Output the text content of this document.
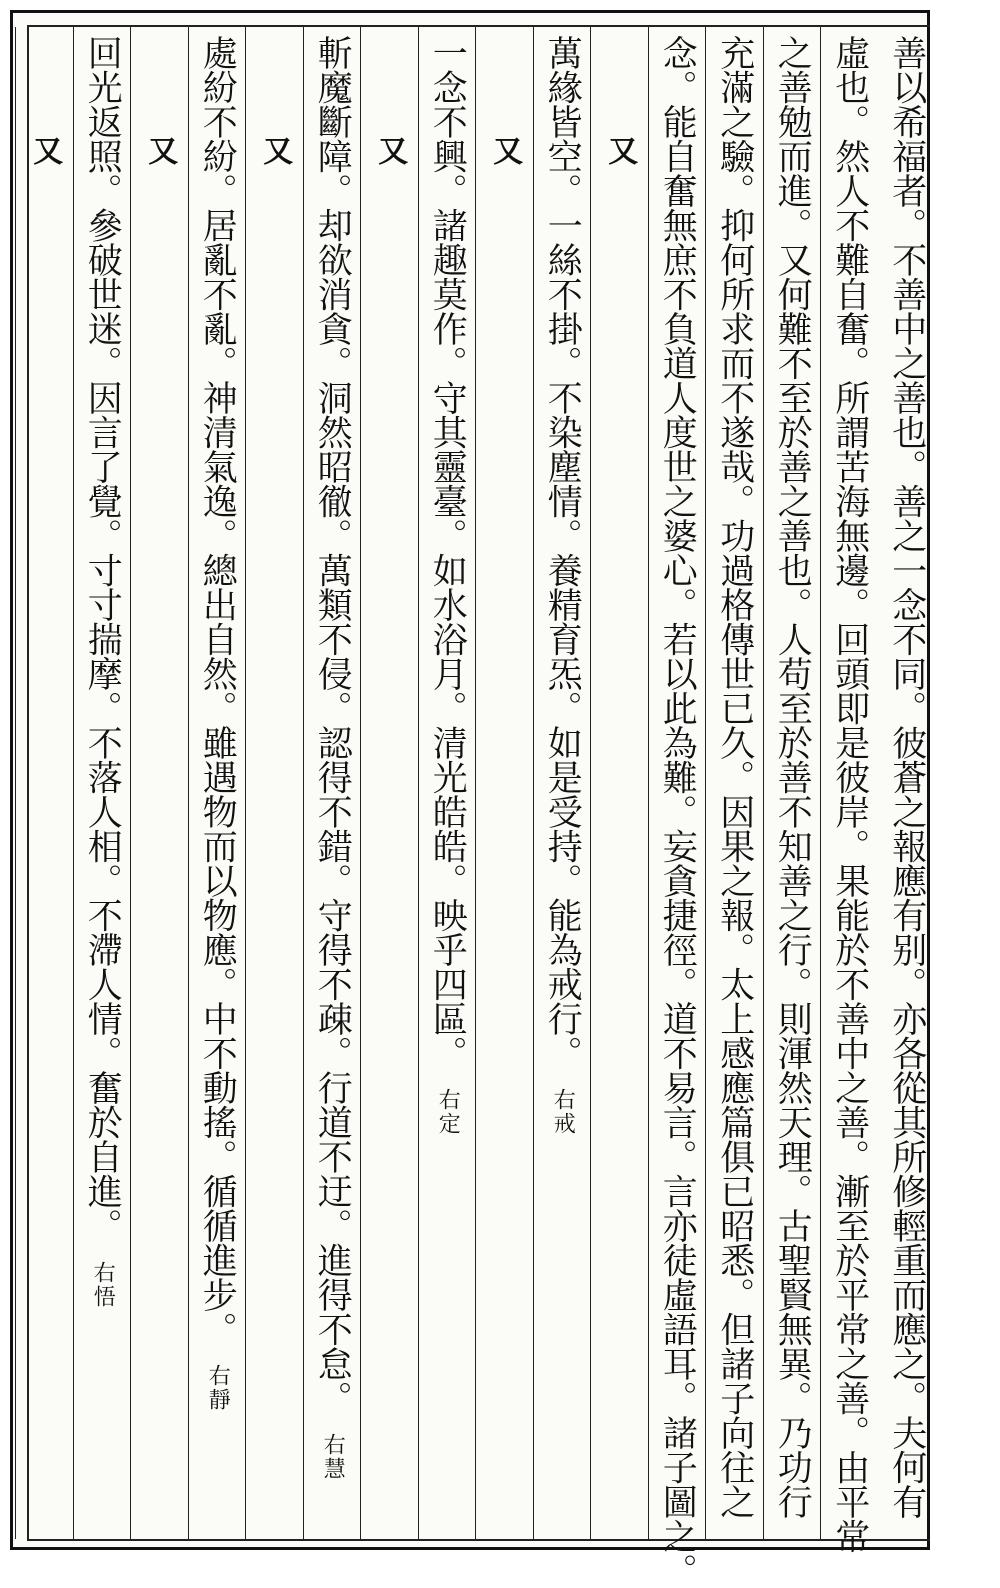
善以希福者。不善中之善也。善之一念不同。彼蒼之報應有别。亦各從其所修輕重而應之。夫何有
虛也。然人不難自奮。所謂苦海無邊。回頭即是彼岸。果能於不善中之善。漸至於平常之善。由平常
之善勉而進。又何難不至於善之善也。人苟至於善不知善之行。則渾然天理。古聖賢無異。乃功行
充滿之驗。抑何所求而不遂哉。功過格傳世已久。因果之報。太上感應篇俱已昭悉。但諸子向往之
念。能自奮無庶不負道人度世之婆心。若以此為難。妄貪捷徑。道不易言。言亦徒虛語耳。諸子圖之。
又
萬緣皆空。一絲不掛。不染塵情。養精育炁。如是受持。能為戒行。右戒
又
一念不興。諸趣莫作。守其靈臺。如水浴月。清光皓皓。映乎四區。右定
又
斬魔斷障。却欲消貪。洞然昭徹。萬類不侵。認得不錯。守得不疎。行道不迂。進得不怠。右慧
又
處紛不紛。居亂不亂。神清氣逸。總出自然。雖遇物而以物應。中不動搖。循循進步。右靜
又
回光返照。參破世迷。因言了覺。寸寸揣摩。不落人相。不滯人情。奮於自進。右悟
又
